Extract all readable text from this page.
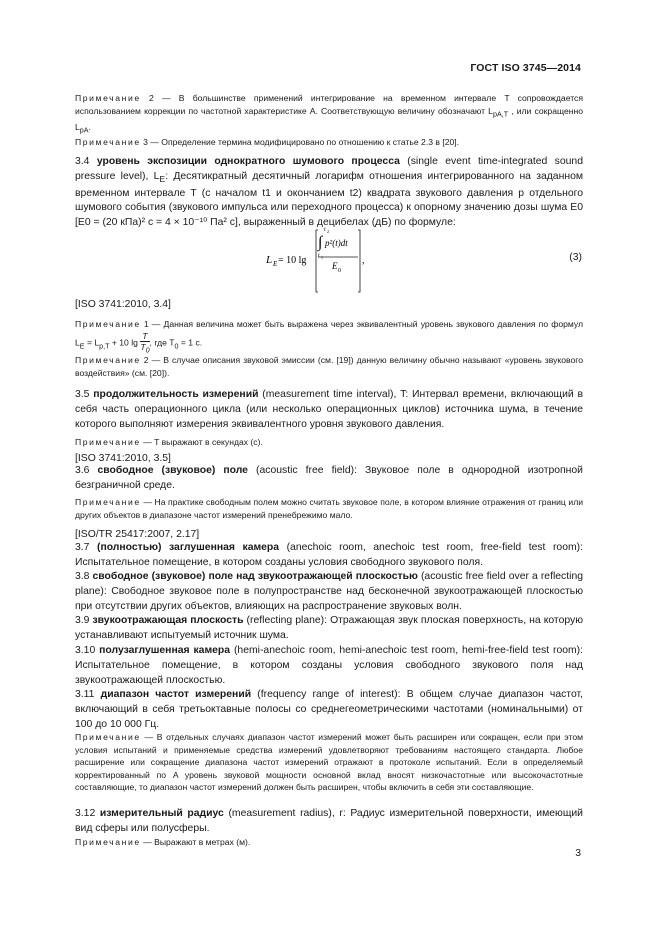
ГОСТ ISO 3745—2014
Примечание 2 — В большинстве применений интегрирование на временном интервале T сопровождается использованием коррекции по частотной характеристике A. Соответствующую величину обозначают $L_{pA,T}$ , или сокращенно $L_{pA}$.
Примечание 3 — Определение термина модифицировано по отношению к статье 2.3 в [20].
3.4 уровень экспозиции однократного шумового процесса (single event time-integrated sound pressure level), $L_E$: Десятикратный десятичный логарифм отношения интегрированного на заданном временном интервале T (с началом t1 и окончанием t2) квадрата звукового давления p отдельного шумового события (звукового импульса или переходного процесса) к опорному значению дозы шума E0 [E0 = (20 кПа)² с = 4 × 10⁻¹⁰ Па² с], выраженный в децибелах (дБ) по формуле:
L E = 10 lg
∫
t 2
t 1
p²(t)dt
E 0
,	(3)
[ISO 3741:2010, 3.4]
Примечание 1 — Данная величина может быть выражена через эквивалентный уровень звукового давления по формул $L_E = L_{p,T} + 10$ lg
T
$T_0$, где $T_0 = 1$ с.
Примечание 2 — В случае описания звуковой эмиссии (см. [19]) данную величину обычно называют «уровень звукового воздействия» (см. [20]).
3.5 продолжительность измерений (measurement time interval), T: Интервал времени, включающий в себя часть операционного цикла (или несколько операционных циклов) источника шума, в течение которого выполняют измерения эквивалентного уровня звукового давления.
Примечание — T выражают в секундах (с).
[ISO 3741:2010, 3.5]
3.6 свободное (звуковое) поле (acoustic free field): Звуковое поле в однородной изотропной безграничной среде.
Примечание — На практике свободным полем можно считать звуковое поле, в котором влияние отражения от границ или других объектов в диапазоне частот измерений пренебрежимо мало.
[ISO/TR 25417:2007, 2.17]
3.7 (полностью) заглушенная камера (anechoic room, anechoic test room, free-field test room): Испытательное помещение, в котором созданы условия свободного звукового поля.
3.8 свободное (звуковое) поле над звукоотражающей плоскостью (acoustic free field over a reflecting plane): Свободное звуковое поле в полупространстве над бесконечной звукоотражающей плоскостью при отсутствии других объектов, влияющих на распространение звуковых волн.
3.9 звукоотражающая плоскость (reflecting plane): Отражающая звук плоская поверхность, на которую устанавливают испытуемый источник шума.
3.10 полузаглушенная камера (hemi-anechoic room, hemi-anechoic test room, hemi-free-field test room): Испытательное помещение, в котором созданы условия свободного звукового поля над звукоотражающей плоскостью.
3.11 диапазон частот измерений (frequency range of interest): В общем случае диапазон частот, включающий в себя третьоктавные полосы со среднегеометрическими частотами (номинальными) от 100 до 10 000 Гц.
Примечание — В отдельных случаях диапазон частот измерений может быть расширен или сокращен, если при этом условия испытаний и применяемые средства измерений удовлетворяют требованиям настоящего стандарта. Любое расширение или сокращение диапазона частот измерений отражают в протоколе испытаний. Если в определяемый корректированный по A уровень звуковой мощности основной вклад вносят низкочастотные или высокочастотные составляющие, то диапазон частот измерений должен быть расширен, чтобы включить в себя эти составляющие.
3.12 измерительный радиус (measurement radius), r: Радиус измерительной поверхности, имеющий вид сферы или полусферы.
Примечание — Выражают в метрах (м).
3
